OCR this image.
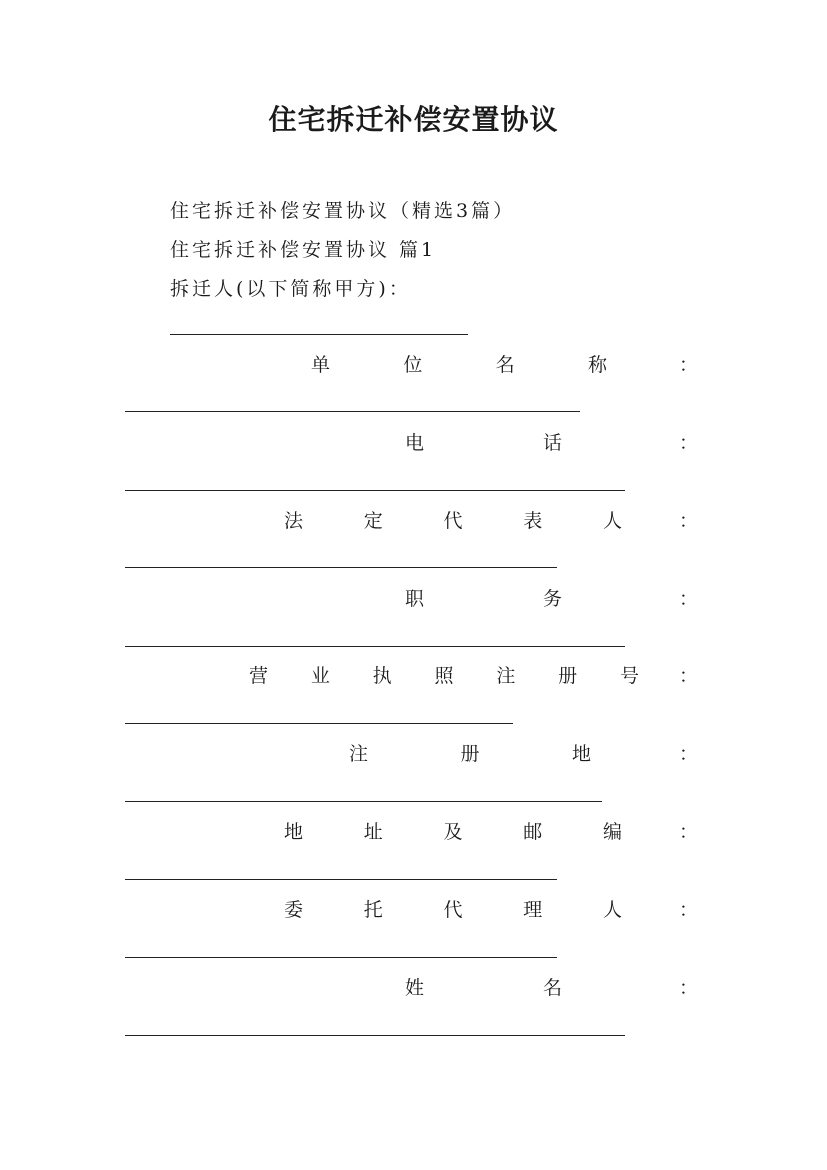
住宅拆迁补偿安置协议
住宅拆迁补偿安置协议（精选3篇）
住宅拆迁补偿安置协议 篇1
拆迁人(以下简称甲方)：
单	位	名	称	：
电	话	：
法	定	代	表	人	：
职	务	：
营 业 执 照 注 册 号 ：
注	册	地	：
地	址	及	邮	编	：
委	托	代	理	人	：
姓	名	：
